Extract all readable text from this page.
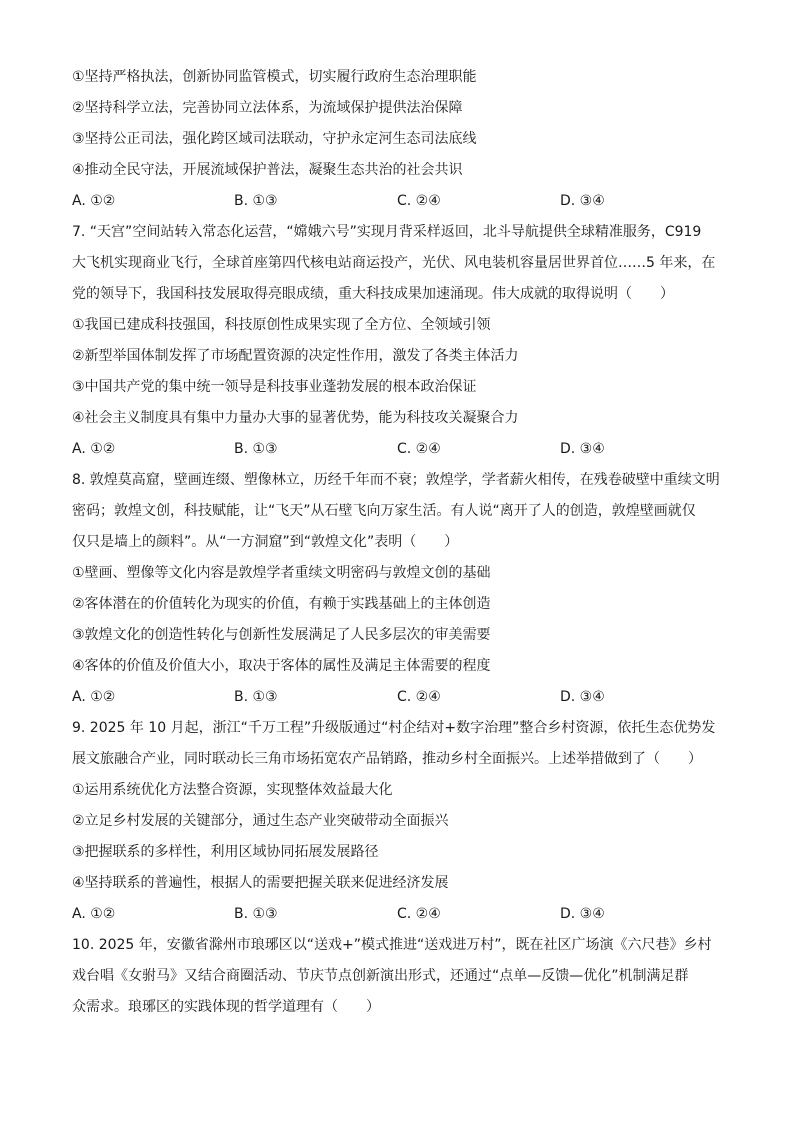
①坚持严格执法，创新协同监管模式，切实履行政府生态治理职能
②坚持科学立法，完善协同立法体系，为流域保护提供法治保障
③坚持公正司法，强化跨区域司法联动，守护永定河生态司法底线
④推动全民守法，开展流域保护普法，凝聚生态共治的社会共识
A. ①②	B. ①③	C. ②④	D. ③④
7. “天宫”空间站转入常态化运营，“嫦娥六号”实现月背采样返回，北斗导航提供全球精准服务，C919
大飞机实现商业飞行，全球首座第四代核电站商运投产，光伏、风电装机容量居世界首位……5 年来，在
党的领导下，我国科技发展取得亮眼成绩，重大科技成果加速涌现。伟大成就的取得说明（　　）
①我国已建成科技强国，科技原创性成果实现了全方位、全领域引领
②新型举国体制发挥了市场配置资源的决定性作用，激发了各类主体活力
③中国共产党的集中统一领导是科技事业蓬勃发展的根本政治保证
④社会主义制度具有集中力量办大事的显著优势，能为科技攻关凝聚合力
A. ①②	B. ①③	C. ②④	D. ③④
8. 敦煌莫高窟，壁画连缀、塑像林立，历经千年而不衰；敦煌学，学者薪火相传，在残卷破壁中重续文明
密码；敦煌文创，科技赋能，让“飞天”从石壁飞向万家生活。有人说“离开了人的创造，敦煌壁画就仅
仅只是墙上的颜料”。从“一方洞窟”到“敦煌文化”表明（　　）
①壁画、塑像等文化内容是敦煌学者重续文明密码与敦煌文创的基础
②客体潜在的价值转化为现实的价值，有赖于实践基础上的主体创造
③敦煌文化的创造性转化与创新性发展满足了人民多层次的审美需要
④客体的价值及价值大小，取决于客体的属性及满足主体需要的程度
A. ①②	B. ①③	C. ②④	D. ③④
9. 2025 年 10 月起，浙江“千万工程”升级版通过“村企结对+数字治理”整合乡村资源，依托生态优势发
展文旅融合产业，同时联动长三角市场拓宽农产品销路，推动乡村全面振兴。上述举措做到了（　　）
①运用系统优化方法整合资源，实现整体效益最大化
②立足乡村发展的关键部分，通过生态产业突破带动全面振兴
③把握联系的多样性，利用区域协同拓展发展路径
④坚持联系的普遍性，根据人的需要把握关联来促进经济发展
A. ①②	B. ①③	C. ②④	D. ③④
10. 2025 年，安徽省滁州市琅琊区以“送戏+”模式推进“送戏进万村”，既在社区广场演《六尺巷》乡村
戏台唱《女驸马》又结合商圈活动、节庆节点创新演出形式，还通过“点单—反馈—优化”机制满足群
众需求。琅琊区的实践体现的哲学道理有（　　）
